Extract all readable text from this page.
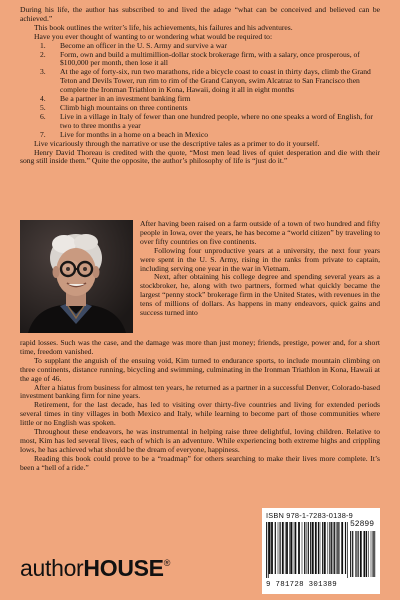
During his life, the author has subscribed to and lived the adage “what can be conceived and believed can be achieved.”

This book outlines the writer’s life, his achievements, his failures and his adventures.

Have you ever thought of wanting to or wondering what would be required to:

1. Become an officer in the U. S. Army and survive a war
2. Form, own and build a multimillion-dollar stock brokerage firm, with a salary, once prosperous, of $100,000 per month, then lose it all
3. At the age of forty-six, run two marathons, ride a bicycle coast to coast in thirty days, climb the Grand Teton and Devils Tower, run rim to rim of the Grand Canyon, swim Alcatraz to San Francisco then complete the Ironman Triathlon in Kona, Hawaii, doing it all in eight months
4. Be a partner in an investment banking firm
5. Climb high mountains on three continents
6. Live in a village in Italy of fewer than one hundred people, where no one speaks a word of English, for two to three months a year
7. Live for months in a home on a beach in Mexico

Live vicariously through the narrative or use the descriptive tales as a primer to do it yourself.

Henry David Thoreau is credited with the quote, “Most men lead lives of quiet desperation and die with their song still inside them.” Quite the opposite, the author’s philosophy of life is “just do it.”

After having been raised on a farm outside of a town of two hundred and fifty people in Iowa, over the years, he has become a “world citizen” by traveling to over fifty countries on five continents.

Following four unproductive years at a university, the next four years were spent in the U. S. Army, rising in the ranks from private to captain, including serving one year in the war in Vietnam.

Next, after obtaining his college degree and spending several years as a stockbroker, he, along with two partners, formed what quickly became the largest “penny stock” brokerage firm in the United States, with revenues in the tens of millions of dollars. As happens in many endeavors, quick gains and success turned into

rapid losses. Such was the case, and the damage was more than just money; friends, prestige, power and, for a short time, freedom vanished.

To supplant the anguish of the ensuing void, Kim turned to endurance sports, to include mountain climbing on three continents, distance running, bicycling and swimming, culminating in the Ironman Triathlon in Kona, Hawaii at the age of 46.

After a hiatus from business for almost ten years, he returned as a partner in a successful Denver, Colorado-based investment banking firm for nine years.

Retirement, for the last decade, has led to visiting over thirty-five countries and living for extended periods several times in tiny villages in both Mexico and Italy, while learning to become part of those communities where little or no English was spoken.

Throughout these endeavors, he was instrumental in helping raise three delightful, loving children. Relative to most, Kim has led several lives, each of which is an adventure. While experiencing both extreme highs and crippling lows, he has achieved what should be the dream of everyone, happiness.

Reading this book could prove to be a “roadmap” for others searching to make their lives more complete. It’s been a “hell of a ride.”

authorHOUSE®
ISBN 978-1-7283-0138-9
52899
9 781728 301389
